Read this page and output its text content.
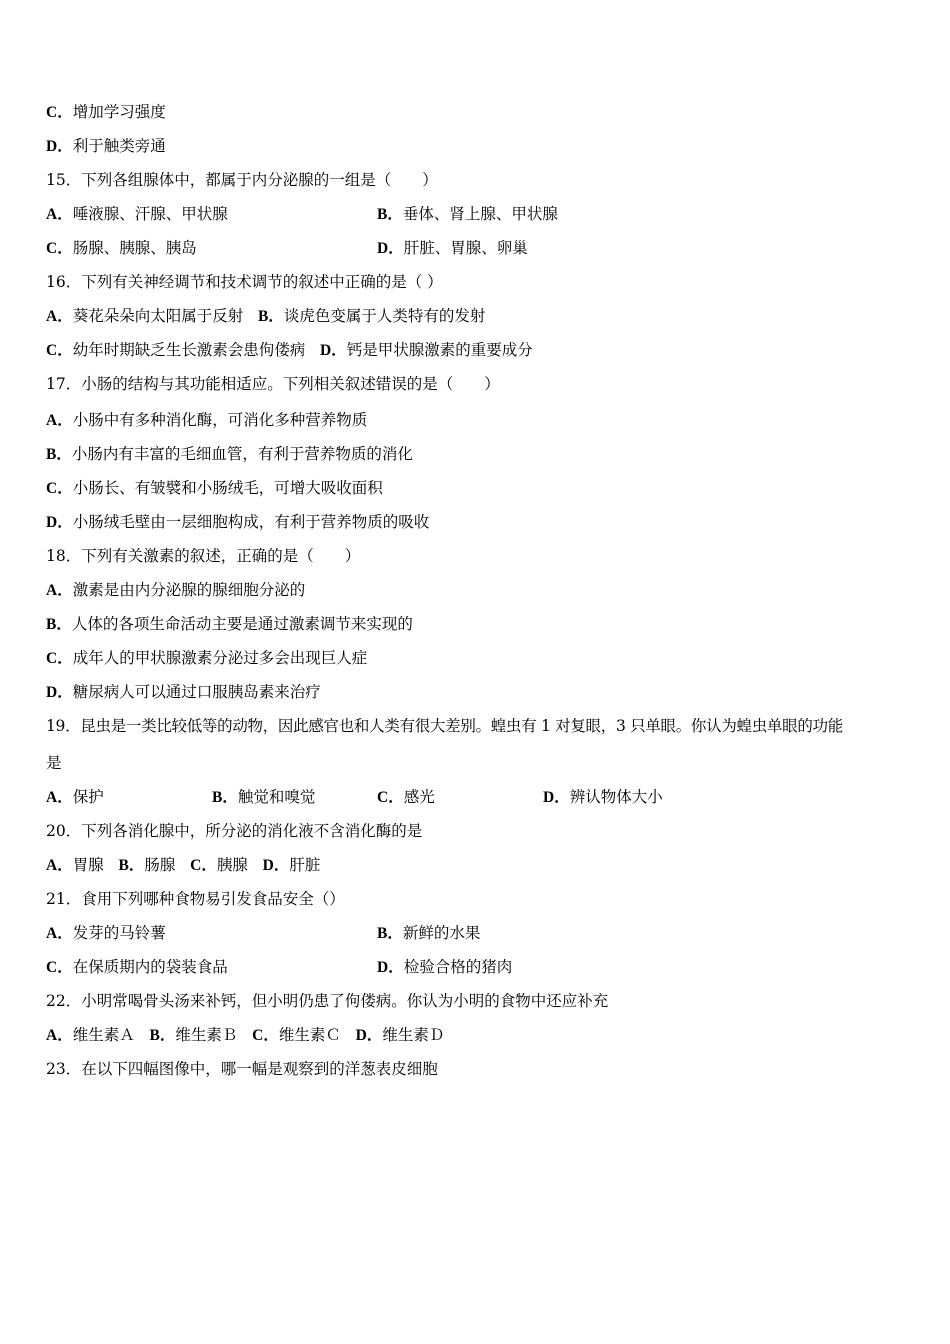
C．增加学习强度
D．利于触类旁通
15．下列各组腺体中，都属于内分泌腺的一组是（　　）
A．唾液腺、汗腺、甲状腺	B．垂体、肾上腺、甲状腺
C．肠腺、胰腺、胰岛	D．肝脏、胃腺、卵巢
16．下列有关神经调节和技术调节的叙述中正确的是（ ）
A．葵花朵朵向太阳属于反射 B．谈虎色变属于人类特有的发射
C．幼年时期缺乏生长激素会患佝偻病 D．钙是甲状腺激素的重要成分
17．小肠的结构与其功能相适应。下列相关叙述错误的是（　　）
A．小肠中有多种消化酶，可消化多种营养物质
B．小肠内有丰富的毛细血管，有利于营养物质的消化
C．小肠长、有皱襞和小肠绒毛，可增大吸收面积
D．小肠绒毛壁由一层细胞构成，有利于营养物质的吸收
18．下列有关激素的叙述，正确的是（　　）
A．激素是由内分泌腺的腺细胞分泌的
B．人体的各项生命活动主要是通过激素调节来实现的
C．成年人的甲状腺激素分泌过多会出现巨人症
D．糖尿病人可以通过口服胰岛素来治疗
19．昆虫是一类比较低等的动物，因此感官也和人类有很大差别。蝗虫有 1 对复眼，3 只单眼。你认为蝗虫单眼的功能
是
A．保护	B．触觉和嗅觉	C．感光	D．辨认物体大小
20．下列各消化腺中，所分泌的消化液不含消化酶的是
A．胃腺 B．肠腺 C．胰腺 D．肝脏
21．食用下列哪种食物易引发食品安全（）
A．发芽的马铃薯	B．新鲜的水果
C．在保质期内的袋装食品	D．检验合格的猪肉
22．小明常喝骨头汤来补钙，但小明仍患了佝偻病。你认为小明的食物中还应补充
A．维生素Ａ B．维生素Ｂ C．维生素Ｃ D．维生素Ｄ
23．在以下四幅图像中，哪一幅是观察到的洋葱表皮细胞
